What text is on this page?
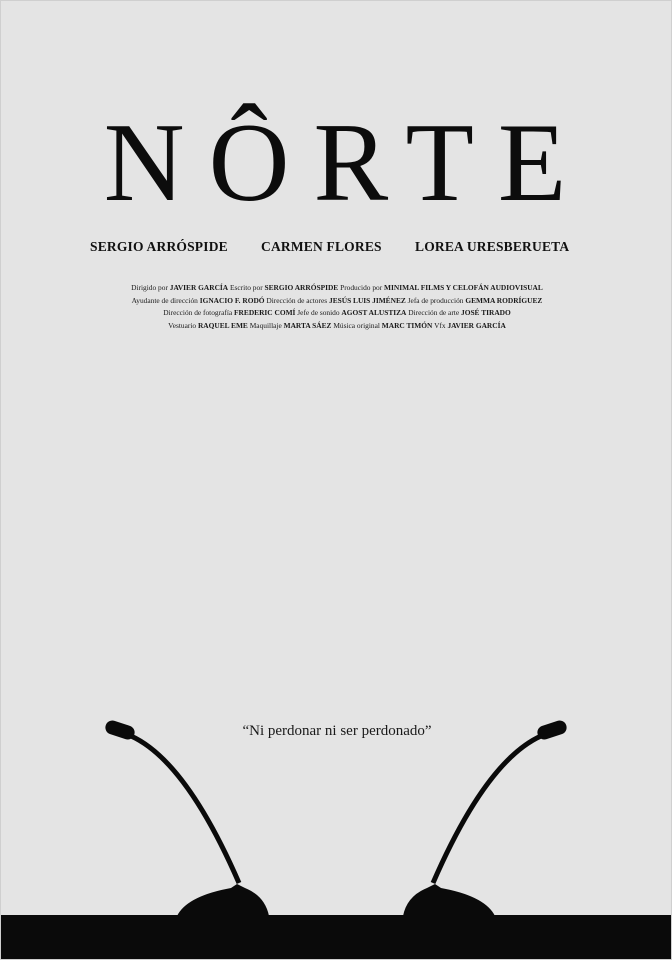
NÔRTE
SERGIO ARRÓSPIDE CARMEN FLORES LOREA URESBERUETA
Dirigido por JAVIER GARCÍA Escrito por SERGIO ARRÓSPIDE Producido por MINIMAL FILMS Y CELOFÁN AUDIOVISUAL
Ayudante de dirección IGNACIO F. RODÓ Dirección de actores JESÚS LUIS JIMÉNEZ Jefa de producción GEMMA RODRÍGUEZ
Dirección de fotografía FREDERIC COMÍ Jefe de sonido AGOST ALUSTIZA Dirección de arte JOSÉ TIRADO
Vestuario RAQUEL EME Maquillaje MARTA SÁEZ Música original MARC TIMÓN Vfx JAVIER GARCÍA
“Ni perdonar ni ser perdonado”
